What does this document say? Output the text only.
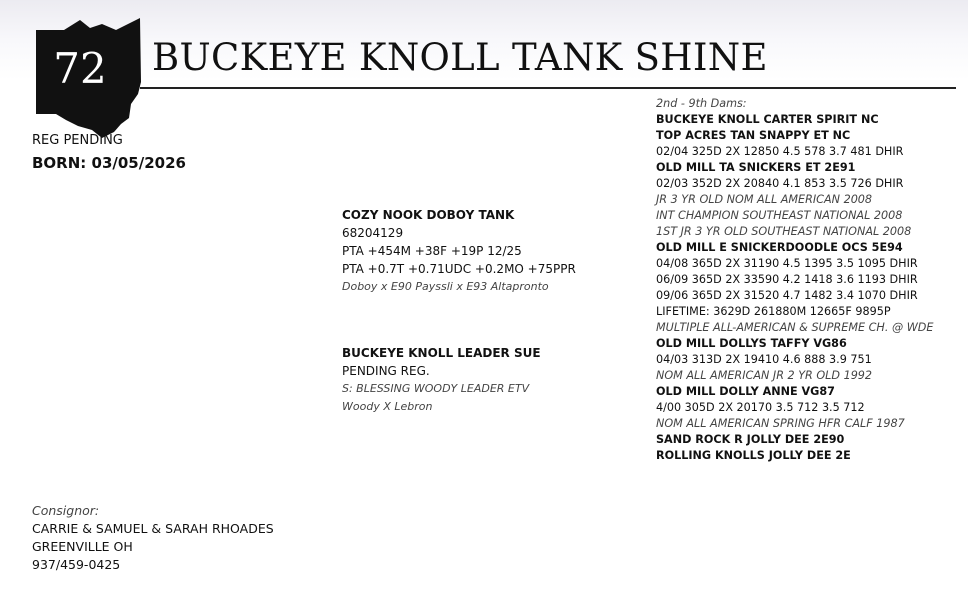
72	BUCKEYE KNOLL TANK SHINE
REG PENDING
BORN: 03/05/2026
COZY NOOK DOBOY TANK
68204129
PTA +454M +38F +19P 12/25
PTA +0.7T +0.71UDC +0.2MO +75PPR
Doboy x E90 Payssli x E93 Altapronto
BUCKEYE KNOLL LEADER SUE
PENDING REG.
S: BLESSING WOODY LEADER ETV
Woody X Lebron
2nd - 9th Dams:
BUCKEYE KNOLL CARTER SPIRIT NC
TOP ACRES TAN SNAPPY ET NC
02/04 325D 2X 12850 4.5 578 3.7 481 DHIR
OLD MILL TA SNICKERS ET 2E91
02/03 352D 2X 20840 4.1 853 3.5 726 DHIR
JR 3 YR OLD NOM ALL AMERICAN 2008
INT CHAMPION SOUTHEAST NATIONAL 2008
1ST JR 3 YR OLD SOUTHEAST NATIONAL 2008
OLD MILL E SNICKERDOODLE OCS 5E94
04/08 365D 2X 31190 4.5 1395 3.5 1095 DHIR
06/09 365D 2X 33590 4.2 1418 3.6 1193 DHIR
09/06 365D 2X 31520 4.7 1482 3.4 1070 DHIR
LIFETIME: 3629D 261880M 12665F 9895P
MULTIPLE ALL-AMERICAN & SUPREME CH. @ WDE
OLD MILL DOLLYS TAFFY VG86
04/03 313D 2X 19410 4.6 888 3.9 751
NOM ALL AMERICAN JR 2 YR OLD 1992
OLD MILL DOLLY ANNE VG87
4/00 305D 2X 20170 3.5 712 3.5 712
NOM ALL AMERICAN SPRING HFR CALF 1987
SAND ROCK R JOLLY DEE 2E90
ROLLING KNOLLS JOLLY DEE 2E
Consignor:
CARRIE & SAMUEL & SARAH RHOADES
GREENVILLE OH
937/459-0425
